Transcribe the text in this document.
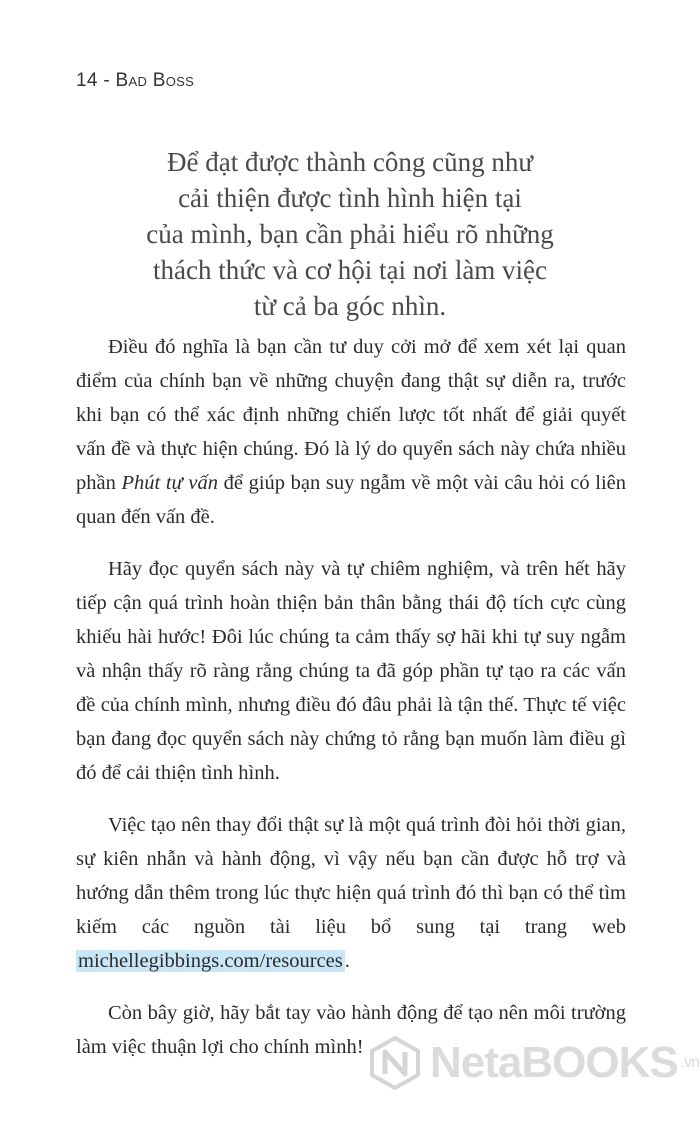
14 - Bad Boss
Để đạt được thành công cũng như
cải thiện được tình hình hiện tại
của mình, bạn cần phải hiểu rõ những
thách thức và cơ hội tại nơi làm việc
từ cả ba góc nhìn.

Điều đó nghĩa là bạn cần tư duy cởi mở để xem xét lại quan điểm của chính bạn về những chuyện đang thật sự diễn ra, trước khi bạn có thể xác định những chiến lược tốt nhất để giải quyết vấn đề và thực hiện chúng. Đó là lý do quyển sách này chứa nhiều phần Phút tự vấn để giúp bạn suy ngẫm về một vài câu hỏi có liên quan đến vấn đề.

Hãy đọc quyển sách này và tự chiêm nghiệm, và trên hết hãy tiếp cận quá trình hoàn thiện bản thân bằng thái độ tích cực cùng khiếu hài hước! Đôi lúc chúng ta cảm thấy sợ hãi khi tự suy ngẫm và nhận thấy rõ ràng rằng chúng ta đã góp phần tự tạo ra các vấn đề của chính mình, nhưng điều đó đâu phải là tận thế. Thực tế việc bạn đang đọc quyển sách này chứng tỏ rằng bạn muốn làm điều gì đó để cải thiện tình hình.

Việc tạo nên thay đổi thật sự là một quá trình đòi hỏi thời gian, sự kiên nhẫn và hành động, vì vậy nếu bạn cần được hỗ trợ và hướng dẫn thêm trong lúc thực hiện quá trình đó thì bạn có thể tìm kiếm các nguồn tài liệu bổ sung tại trang web michellegibbings.com/resources.

Còn bây giờ, hãy bắt tay vào hành động để tạo nên môi trường làm việc thuận lợi cho chính mình!	NetaBOOKS .vn
